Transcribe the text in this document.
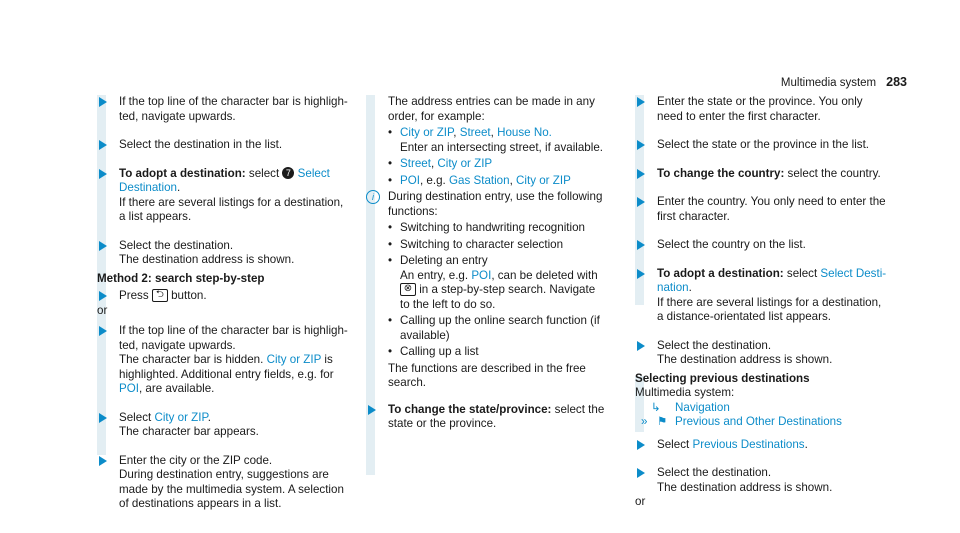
Multimedia system 283

If the top line of the character bar is highligh-

ted, navigate upwards.

Select the destination in the list.

To adopt a destination: select 7 Select

Destination.

If there are several listings for a destination,

a list appears.

Select the destination.

The destination address is shown.

Method 2: search step-by-step

Press ⮌ button.

or

If the top line of the character bar is highligh-

ted, navigate upwards.

The character bar is hidden. City or ZIP is

highlighted. Additional entry fields, e.g. for

POI, are available.

Select City or ZIP.

The character bar appears.

Enter the city or the ZIP code.

During destination entry, suggestions are

made by the multimedia system. A selection

of destinations appears in a list.

The address entries can be made in any

order, for example:

• City or ZIP, Street, House No.
Enter an intersecting street, if available.
• Street, City or ZIP
• POI, e.g. Gas Station, City or ZIP
i	During destination entry, use the following

functions:

• Switching to handwriting recognition
• Switching to character selection
• Deleting an entry
An entry, e.g. POI, can be deleted with
⊗ in a step-by-step search. Navigate
to the left to do so.
• Calling up the online search function (if
available)
• Calling up a list

The functions are described in the free

search.

To change the state/province: select the

state or the province.

Enter the state or the province. You only

need to enter the first character.

Select the state or the province in the list.

To change the country: select the country.

Enter the country. You only need to enter the

first character.

Select the country on the list.

To adopt a destination: select Select Desti-

nation.

If there are several listings for a destination,

a distance-orientated list appears.

Select the destination.

The destination address is shown.

Selecting previous destinations

Multimedia system:

↳ Navigation

» ⚑ Previous and Other Destinations

Select Previous Destinations.

Select the destination.

The destination address is shown.

or
